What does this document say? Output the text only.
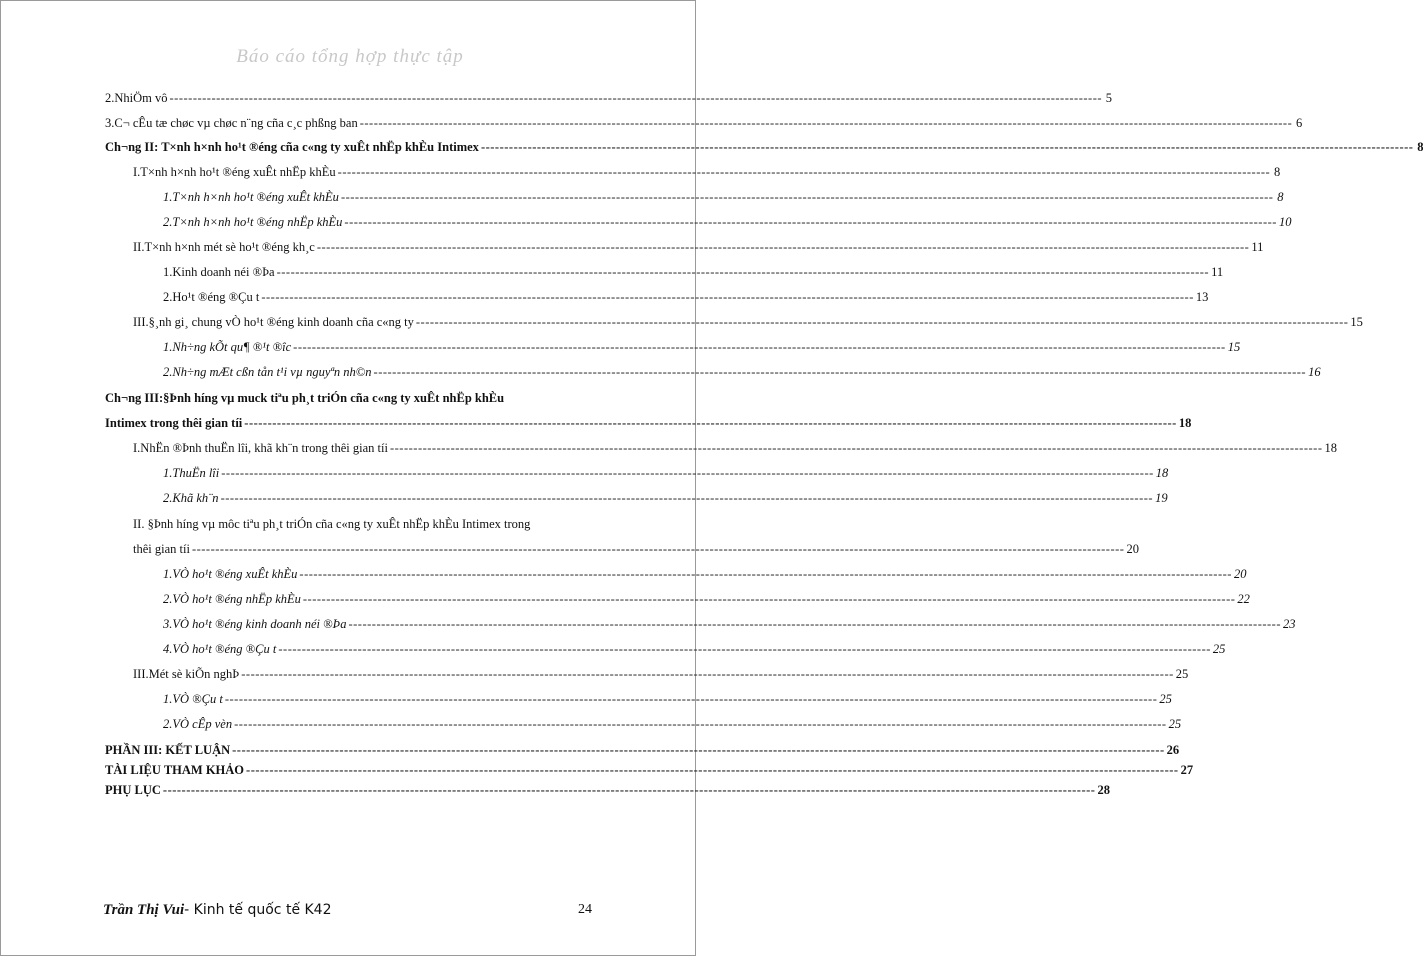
Báo cáo tổng hợp thực tập
2.NhiÖm vô -------------------------------------------------------------------------------------------------------------------------------------------------------------------------------------------------------- 5
3.C¬ cÊu tæ chøc vµ chøc n¨ng cña c¸c phßng ban -------------------------------------------------------------------------------------------------------------------------------------------------------------------------------------------------------- 6
Ch¬ng II: T×nh h×nh ho¹t ®éng cña c«ng ty xuÊt nhËp khÈu Intimex -------------------------------------------------------------------------------------------------------------------------------------------------------------------------------------------------------- 8
I.T×nh h×nh ho¹t ®éng xuÊt nhËp khÈu -------------------------------------------------------------------------------------------------------------------------------------------------------------------------------------------------------- 8
1.T×nh h×nh ho¹t ®éng xuÊt khÈu -------------------------------------------------------------------------------------------------------------------------------------------------------------------------------------------------------- 8
2.T×nh h×nh ho¹t ®éng nhËp khÈu -------------------------------------------------------------------------------------------------------------------------------------------------------------------------------------------------------- 10
II.T×nh h×nh mét sè ho¹t ®éng kh¸c -------------------------------------------------------------------------------------------------------------------------------------------------------------------------------------------------------- 11
1.Kinh doanh néi ®Þa -------------------------------------------------------------------------------------------------------------------------------------------------------------------------------------------------------- 11
2.Ho¹t ®éng ®Çu t -------------------------------------------------------------------------------------------------------------------------------------------------------------------------------------------------------- 13
III.§¸nh gi¸ chung vÒ ho¹t ®éng kinh doanh cña c«ng ty -------------------------------------------------------------------------------------------------------------------------------------------------------------------------------------------------------- 15
1.Nh÷ng kÕt qu¶ ®¹t ®îc -------------------------------------------------------------------------------------------------------------------------------------------------------------------------------------------------------- 15
2.Nh÷ng mÆt cßn tån t¹i vµ nguyªn nh©n -------------------------------------------------------------------------------------------------------------------------------------------------------------------------------------------------------- 16
Ch¬ng III:§Þnh híng vµ muck tiªu ph¸t triÓn cña c«ng ty xuÊt nhËp khÈu
Intimex trong thêi gian tíi -------------------------------------------------------------------------------------------------------------------------------------------------------------------------------------------------------- 18
I.NhËn ®Þnh thuËn lîi, khã kh¨n trong thêi gian tíi -------------------------------------------------------------------------------------------------------------------------------------------------------------------------------------------------------- 18
1.ThuËn lîi -------------------------------------------------------------------------------------------------------------------------------------------------------------------------------------------------------- 18
2.Khã kh¨n -------------------------------------------------------------------------------------------------------------------------------------------------------------------------------------------------------- 19
II. §Þnh híng vµ môc tiªu ph¸t triÓn cña c«ng ty xuÊt nhËp khÈu Intimex trong
thêi gian tíi -------------------------------------------------------------------------------------------------------------------------------------------------------------------------------------------------------- 20
1.VÒ ho¹t ®éng xuÊt khÈu -------------------------------------------------------------------------------------------------------------------------------------------------------------------------------------------------------- 20
2.VÒ ho¹t ®éng nhËp khÈu -------------------------------------------------------------------------------------------------------------------------------------------------------------------------------------------------------- 22
3.VÒ ho¹t ®éng kinh doanh néi ®Þa -------------------------------------------------------------------------------------------------------------------------------------------------------------------------------------------------------- 23
4.VÒ ho¹t ®éng ®Çu t -------------------------------------------------------------------------------------------------------------------------------------------------------------------------------------------------------- 25
III.Mét sè kiÕn nghÞ -------------------------------------------------------------------------------------------------------------------------------------------------------------------------------------------------------- 25
1.VÒ ®Çu t -------------------------------------------------------------------------------------------------------------------------------------------------------------------------------------------------------- 25
2.VÒ cÊp vèn -------------------------------------------------------------------------------------------------------------------------------------------------------------------------------------------------------- 25
PHẦN III: KẾT LUẬN -------------------------------------------------------------------------------------------------------------------------------------------------------------------------------------------------------- 26
TÀI LIỆU THAM KHẢO -------------------------------------------------------------------------------------------------------------------------------------------------------------------------------------------------------- 27
PHỤ LỤC -------------------------------------------------------------------------------------------------------------------------------------------------------------------------------------------------------- 28
Trần Thị Vui- Kinh tế quốc tế K42	24
